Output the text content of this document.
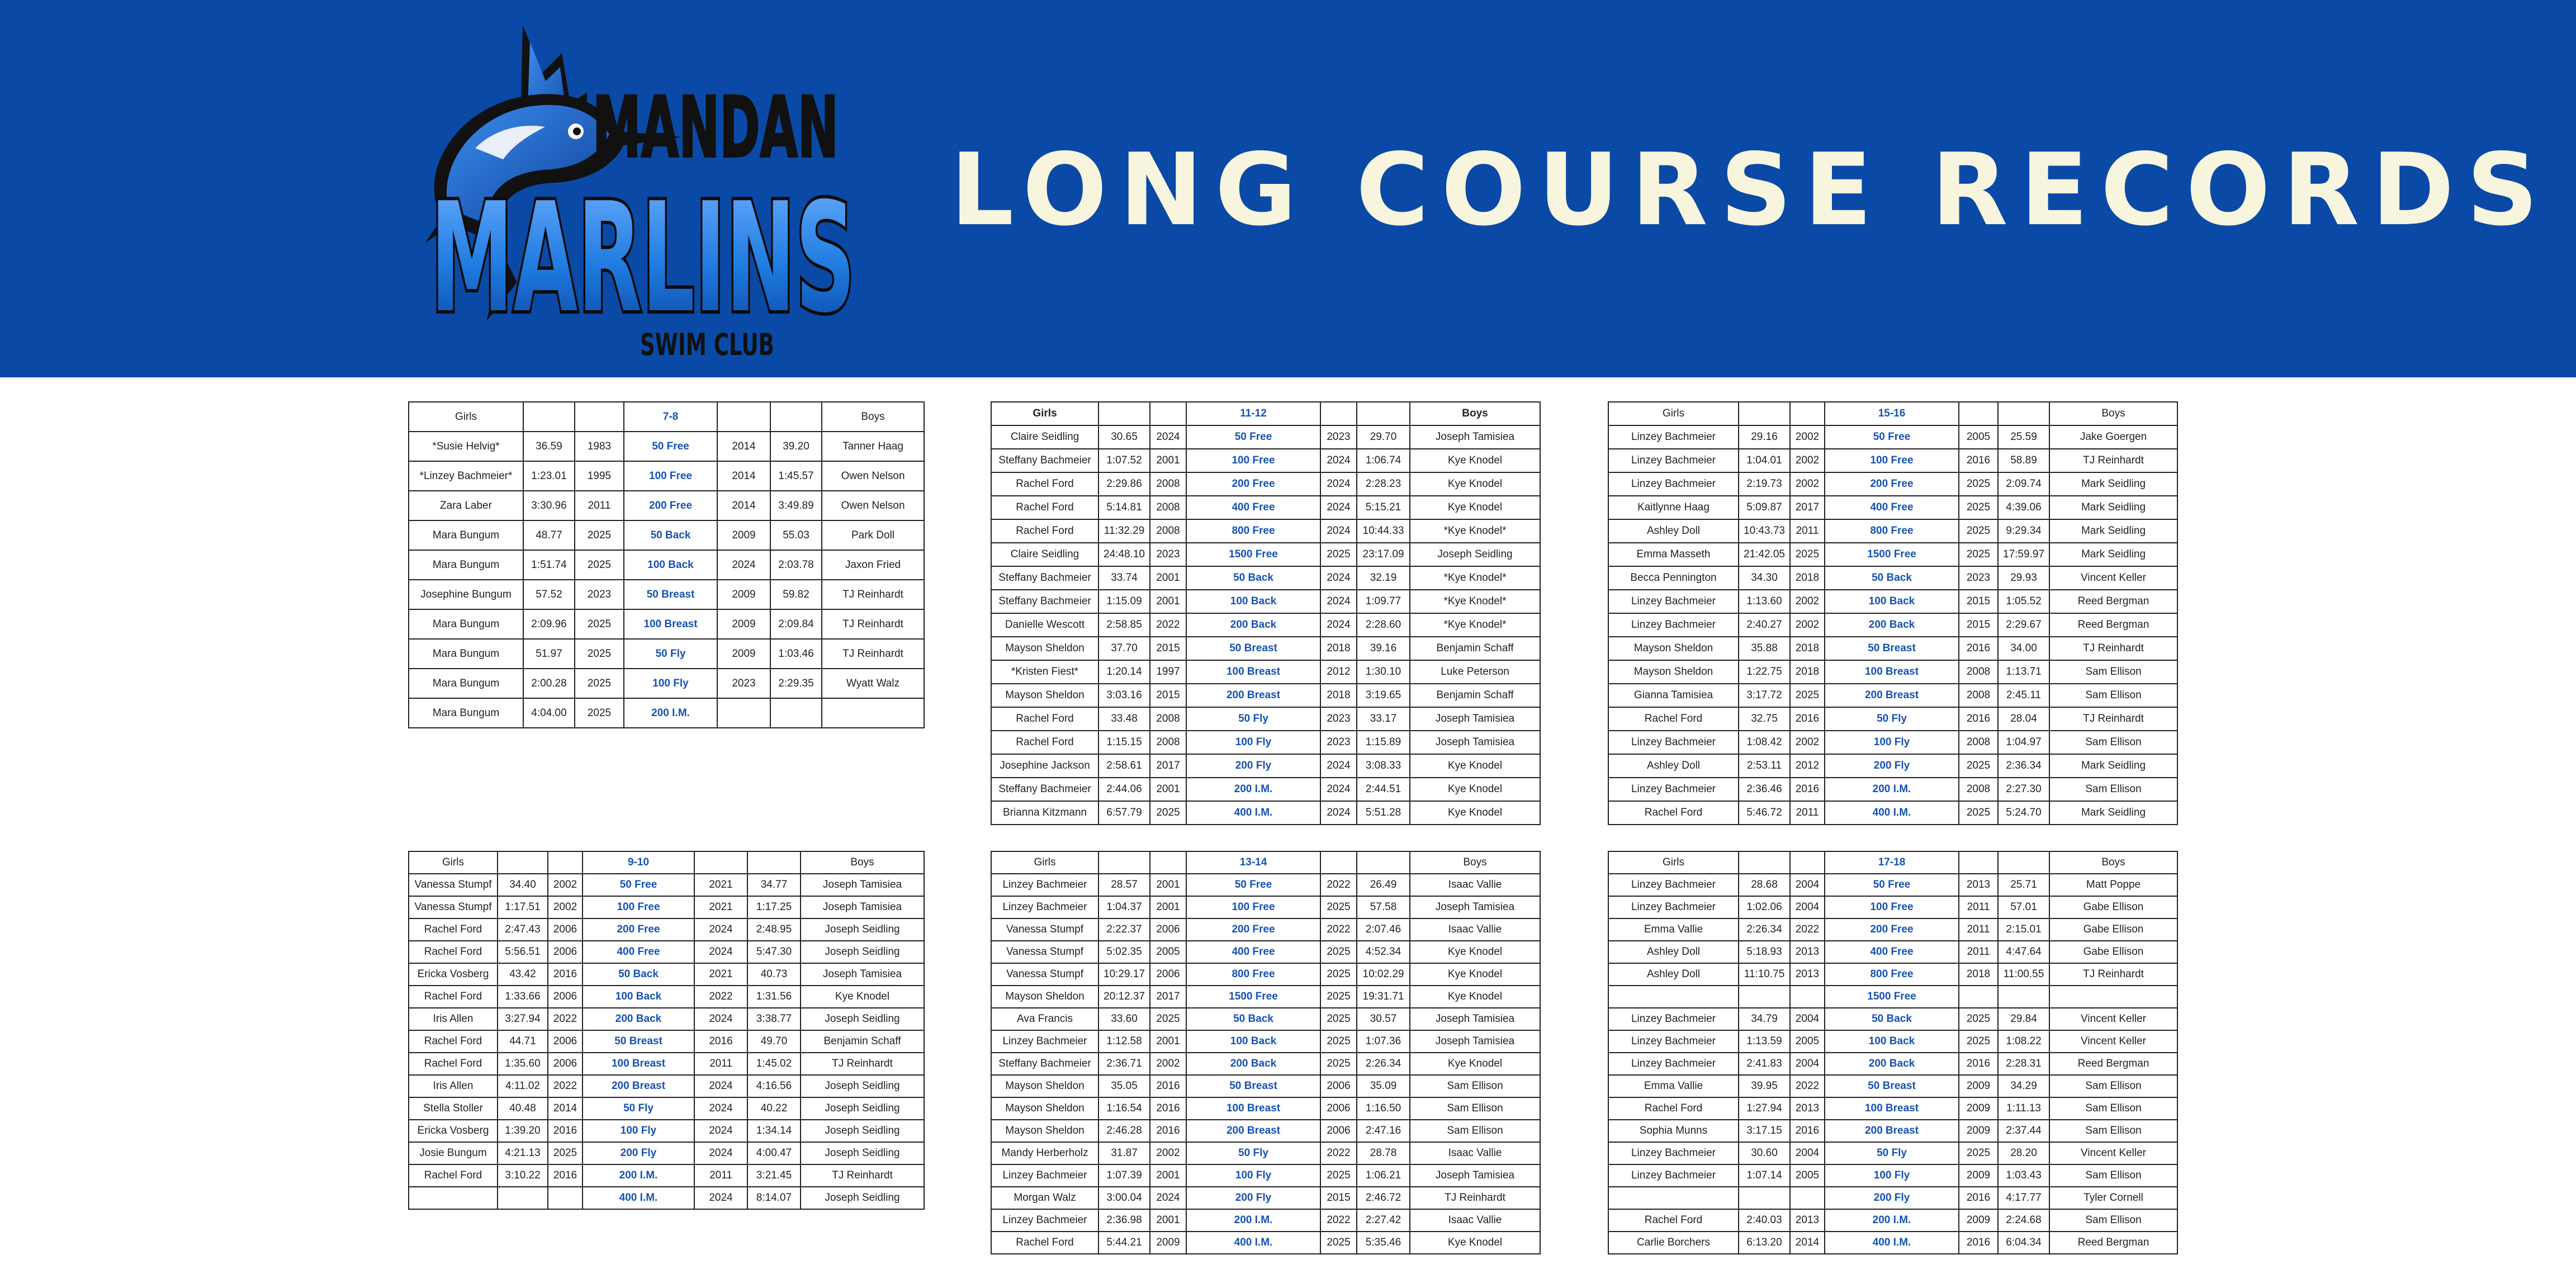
MANDAN
MARLINS
SWIM CLUB
LONG COURSE RECORDS
Girls			7-8			Boys
*Susie Helvig*	36.59	1983	50 Free	2014	39.20	Tanner Haag
*Linzey Bachmeier*	1:23.01	1995	100 Free	2014	1:45.57	Owen Nelson
Zara Laber	3:30.96	2011	200 Free	2014	3:49.89	Owen Nelson
Mara Bungum	48.77	2025	50 Back	2009	55.03	Park Doll
Mara Bungum	1:51.74	2025	100 Back	2024	2:03.78	Jaxon Fried
Josephine Bungum	57.52	2023	50 Breast	2009	59.82	TJ Reinhardt
Mara Bungum	2:09.96	2025	100 Breast	2009	2:09.84	TJ Reinhardt
Mara Bungum	51.97	2025	50 Fly	2009	1:03.46	TJ Reinhardt
Mara Bungum	2:00.28	2025	100 Fly	2023	2:29.35	Wyatt Walz
Mara Bungum	4:04.00	2025	200 I.M.			
Girls			11-12			Boys
Claire Seidling	30.65	2024	50 Free	2023	29.70	Joseph Tamisiea
Steffany Bachmeier	1:07.52	2001	100 Free	2024	1:06.74	Kye Knodel
Rachel Ford	2:29.86	2008	200 Free	2024	2:28.23	Kye Knodel
Rachel Ford	5:14.81	2008	400 Free	2024	5:15.21	Kye Knodel
Rachel Ford	11:32.29	2008	800 Free	2024	10:44.33	*Kye Knodel*
Claire Seidling	24:48.10	2023	1500 Free	2025	23:17.09	Joseph Seidling
Steffany Bachmeier	33.74	2001	50 Back	2024	32.19	*Kye Knodel*
Steffany Bachmeier	1:15.09	2001	100 Back	2024	1:09.77	*Kye Knodel*
Danielle Wescott	2:58.85	2022	200 Back	2024	2:28.60	*Kye Knodel*
Mayson Sheldon	37.70	2015	50 Breast	2018	39.16	Benjamin Schaff
*Kristen Fiest*	1:20.14	1997	100 Breast	2012	1:30.10	Luke Peterson
Mayson Sheldon	3:03.16	2015	200 Breast	2018	3:19.65	Benjamin Schaff
Rachel Ford	33.48	2008	50 Fly	2023	33.17	Joseph Tamisiea
Rachel Ford	1:15.15	2008	100 Fly	2023	1:15.89	Joseph Tamisiea
Josephine Jackson	2:58.61	2017	200 Fly	2024	3:08.33	Kye Knodel
Steffany Bachmeier	2:44.06	2001	200 I.M.	2024	2:44.51	Kye Knodel
Brianna Kitzmann	6:57.79	2025	400 I.M.	2024	5:51.28	Kye Knodel
Girls			15-16			Boys
Linzey Bachmeier	29.16	2002	50 Free	2005	25.59	Jake Goergen
Linzey Bachmeier	1:04.01	2002	100 Free	2016	58.89	TJ Reinhardt
Linzey Bachmeier	2:19.73	2002	200 Free	2025	2:09.74	Mark Seidling
Kaitlynne Haag	5:09.87	2017	400 Free	2025	4:39.06	Mark Seidling
Ashley Doll	10:43.73	2011	800 Free	2025	9:29.34	Mark Seidling
Emma Masseth	21:42.05	2025	1500 Free	2025	17:59.97	Mark Seidling
Becca Pennington	34.30	2018	50 Back	2023	29.93	Vincent Keller
Linzey Bachmeier	1:13.60	2002	100 Back	2015	1:05.52	Reed Bergman
Linzey Bachmeier	2:40.27	2002	200 Back	2015	2:29.67	Reed Bergman
Mayson Sheldon	35.88	2018	50 Breast	2016	34.00	TJ Reinhardt
Mayson Sheldon	1:22.75	2018	100 Breast	2008	1:13.71	Sam Ellison
Gianna Tamisiea	3:17.72	2025	200 Breast	2008	2:45.11	Sam Ellison
Rachel Ford	32.75	2016	50 Fly	2016	28.04	TJ Reinhardt
Linzey Bachmeier	1:08.42	2002	100 Fly	2008	1:04.97	Sam Ellison
Ashley Doll	2:53.11	2012	200 Fly	2025	2:36.34	Mark Seidling
Linzey Bachmeier	2:36.46	2016	200 I.M.	2008	2:27.30	Sam Ellison
Rachel Ford	5:46.72	2011	400 I.M.	2025	5:24.70	Mark Seidling
Girls			9-10			Boys
Vanessa Stumpf	34.40	2002	50 Free	2021	34.77	Joseph Tamisiea
Vanessa Stumpf	1:17.51	2002	100 Free	2021	1:17.25	Joseph Tamisiea
Rachel Ford	2:47.43	2006	200 Free	2024	2:48.95	Joseph Seidling
Rachel Ford	5:56.51	2006	400 Free	2024	5:47.30	Joseph Seidling
Ericka Vosberg	43.42	2016	50 Back	2021	40.73	Joseph Tamisiea
Rachel Ford	1:33.66	2006	100 Back	2022	1:31.56	Kye Knodel
Iris Allen	3:27.94	2022	200 Back	2024	3:38.77	Joseph Seidling
Rachel Ford	44.71	2006	50 Breast	2016	49.70	Benjamin Schaff
Rachel Ford	1:35.60	2006	100 Breast	2011	1:45.02	TJ Reinhardt
Iris Allen	4:11.02	2022	200 Breast	2024	4:16.56	Joseph Seidling
Stella Stoller	40.48	2014	50 Fly	2024	40.22	Joseph Seidling
Ericka Vosberg	1:39.20	2016	100 Fly	2024	1:34.14	Joseph Seidling
Josie Bungum	4:21.13	2025	200 Fly	2024	4:00.47	Joseph Seidling
Rachel Ford	3:10.22	2016	200 I.M.	2011	3:21.45	TJ Reinhardt
			400 I.M.	2024	8:14.07	Joseph Seidling
Girls			13-14			Boys
Linzey Bachmeier	28.57	2001	50 Free	2022	26.49	Isaac Vallie
Linzey Bachmeier	1:04.37	2001	100 Free	2025	57.58	Joseph Tamisiea
Vanessa Stumpf	2:22.37	2006	200 Free	2022	2:07.46	Isaac Vallie
Vanessa Stumpf	5:02.35	2005	400 Free	2025	4:52.34	Kye Knodel
Vanessa Stumpf	10:29.17	2006	800 Free	2025	10:02.29	Kye Knodel
Mayson Sheldon	20:12.37	2017	1500 Free	2025	19:31.71	Kye Knodel
Ava Francis	33.60	2025	50 Back	2025	30.57	Joseph Tamisiea
Linzey Bachmeier	1:12.58	2001	100 Back	2025	1:07.36	Joseph Tamisiea
Steffany Bachmeier	2:36.71	2002	200 Back	2025	2:26.34	Kye Knodel
Mayson Sheldon	35.05	2016	50 Breast	2006	35.09	Sam Ellison
Mayson Sheldon	1:16.54	2016	100 Breast	2006	1:16.50	Sam Ellison
Mayson Sheldon	2:46.28	2016	200 Breast	2006	2:47.16	Sam Ellison
Mandy Herberholz	31.87	2002	50 Fly	2022	28.78	Isaac Vallie
Linzey Bachmeier	1:07.39	2001	100 Fly	2025	1:06.21	Joseph Tamisiea
Morgan Walz	3:00.04	2024	200 Fly	2015	2:46.72	TJ Reinhardt
Linzey Bachmeier	2:36.98	2001	200 I.M.	2022	2:27.42	Isaac Vallie
Rachel Ford	5:44.21	2009	400 I.M.	2025	5:35.46	Kye Knodel
Girls			17-18			Boys
Linzey Bachmeier	28.68	2004	50 Free	2013	25.71	Matt Poppe
Linzey Bachmeier	1:02.06	2004	100 Free	2011	57.01	Gabe Ellison
Emma Vallie	2:26.34	2022	200 Free	2011	2:15.01	Gabe Ellison
Ashley Doll	5:18.93	2013	400 Free	2011	4:47.64	Gabe Ellison
Ashley Doll	11:10.75	2013	800 Free	2018	11:00.55	TJ Reinhardt
			1500 Free			
Linzey Bachmeier	34.79	2004	50 Back	2025	29.84	Vincent Keller
Linzey Bachmeier	1:13.59	2005	100 Back	2025	1:08.22	Vincent Keller
Linzey Bachmeier	2:41.83	2004	200 Back	2016	2:28.31	Reed Bergman
Emma Vallie	39.95	2022	50 Breast	2009	34.29	Sam Ellison
Rachel Ford	1:27.94	2013	100 Breast	2009	1:11.13	Sam Ellison
Sophia Munns	3:17.15	2016	200 Breast	2009	2:37.44	Sam Ellison
Linzey Bachmeier	30.60	2004	50 Fly	2025	28.20	Vincent Keller
Linzey Bachmeier	1:07.14	2005	100 Fly	2009	1:03.43	Sam Ellison
			200 Fly	2016	4:17.77	Tyler Cornell
Rachel Ford	2:40.03	2013	200 I.M.	2009	2:24.68	Sam Ellison
Carlie Borchers	6:13.20	2014	400 I.M.	2016	6:04.34	Reed Bergman
